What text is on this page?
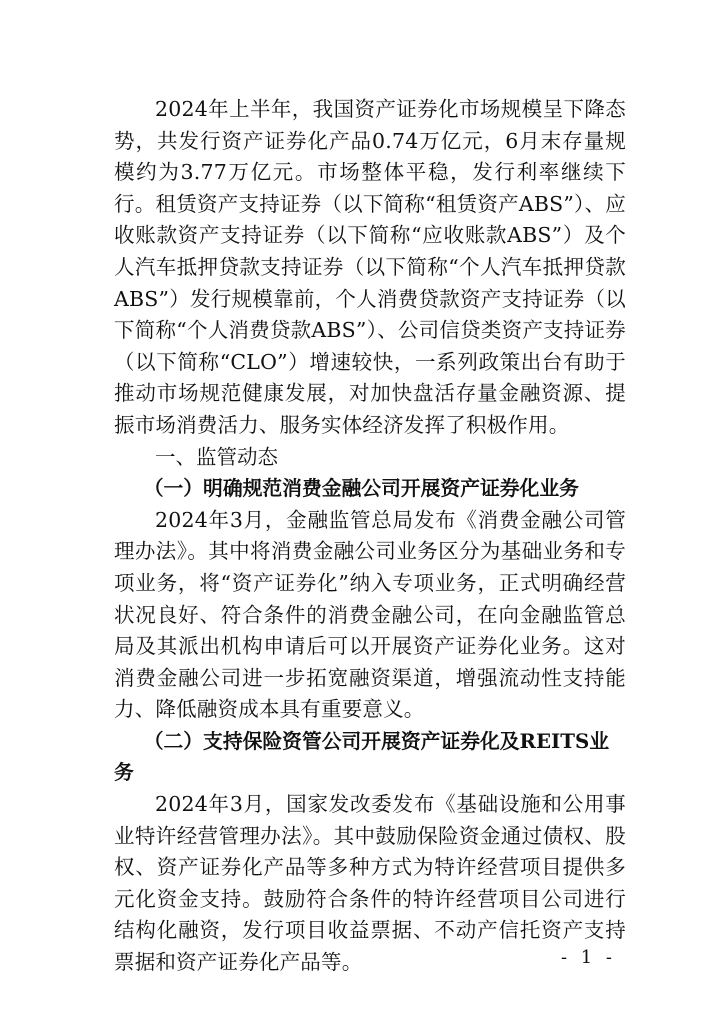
2024年上半年，我国资产证券化市场规模呈下降态势，共发行资产证券化产品0.74万亿元，6月末存量规模约为3.77万亿元。市场整体平稳，发行利率继续下行。租赁资产支持证券（以下简称“租赁资产ABS”）、应收账款资产支持证券（以下简称“应收账款ABS”）及个人汽车抵押贷款支持证券（以下简称“个人汽车抵押贷款ABS”）发行规模靠前，个人消费贷款资产支持证券（以下简称“个人消费贷款ABS”）、公司信贷类资产支持证券（以下简称“CLO”）增速较快，一系列政策出台有助于推动市场规范健康发展，对加快盘活存量金融资源、提振市场消费活力、服务实体经济发挥了积极作用。

一、监管动态

（一）明确规范消费金融公司开展资产证券化业务

2024年3月，金融监管总局发布《消费金融公司管理办法》。其中将消费金融公司业务区分为基础业务和专项业务，将“资产证券化”纳入专项业务，正式明确经营状况良好、符合条件的消费金融公司，在向金融监管总局及其派出机构申请后可以开展资产证券化业务。这对消费金融公司进一步拓宽融资渠道，增强流动性支持能力、降低融资成本具有重要意义。

（二）支持保险资管公司开展资产证券化及REITS业务

2024年3月，国家发改委发布《基础设施和公用事业特许经营管理办法》。其中鼓励保险资金通过债权、股权、资产证券化产品等多种方式为特许经营项目提供多元化资金支持。鼓励符合条件的特许经营项目公司进行结构化融资，发行项目收益票据、不动产信托资产支持票据和资产证券化产品等。	- 1 -
